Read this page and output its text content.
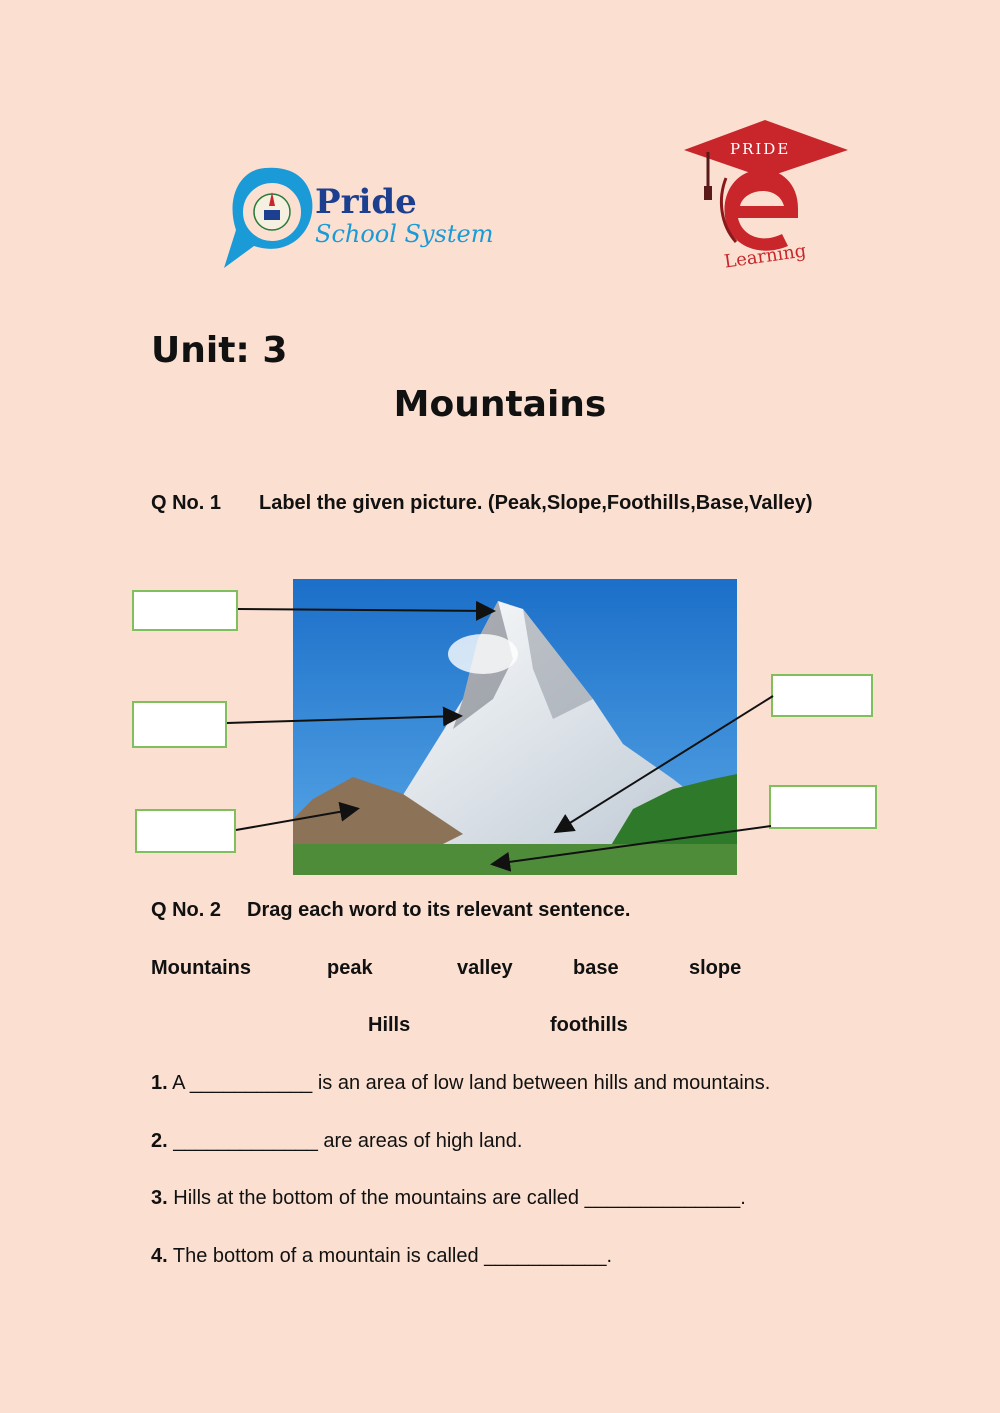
Pride
School System
PRIDE
Learning
Unit: 3
Mountains
Q No. 1 Label the given picture. (Peak,Slope,Foothills,Base,Valley)
Q No. 2 Drag each word to its relevant sentence.
Mountains	peak	valley	base	slope
Hills	foothills
1. A ___________ is an area of low land between hills and mountains.
2. _____________ are areas of high land.
3. Hills at the bottom of the mountains are called ______________.
4. The bottom of a mountain is called ___________.
